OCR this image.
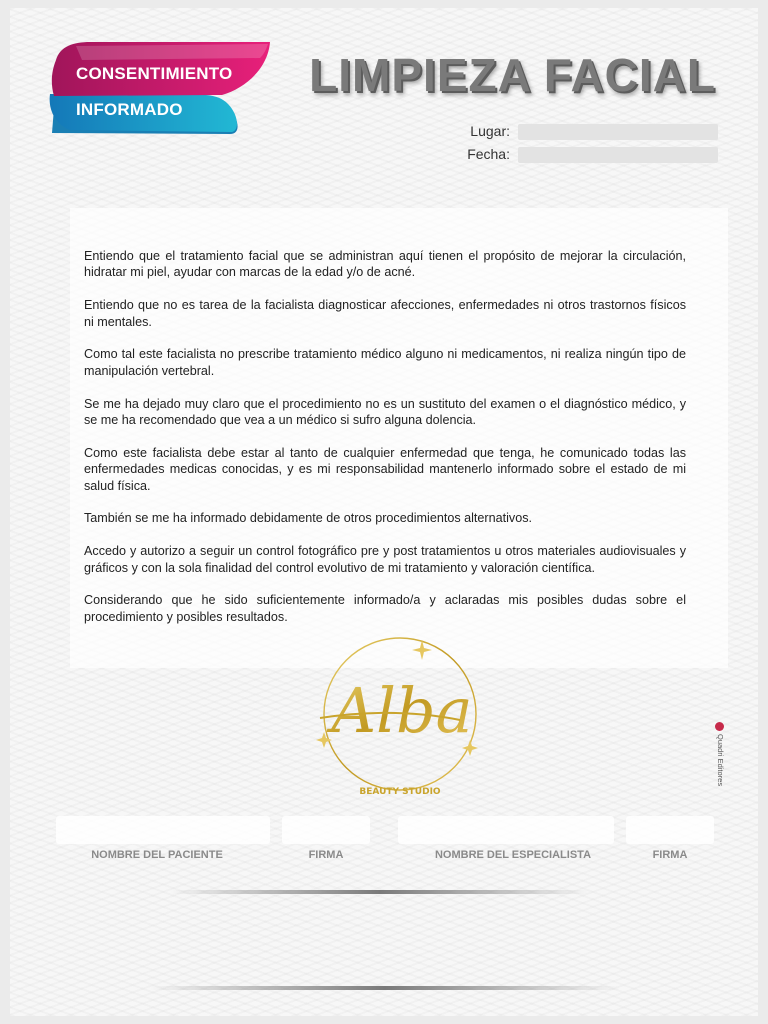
CONSENTIMIENTO
INFORMADO
LIMPIEZA FACIAL
Lugar:
Fecha:

Entiendo que el tratamiento facial que se administran aquí tienen el propósito de mejorar la circulación, hidratar mi piel, ayudar con marcas de la edad y/o de acné.

Entiendo que no es tarea de la facialista diagnosticar afecciones, enfermedades ni otros trastornos físicos ni mentales.

Como tal este facialista no prescribe tratamiento médico alguno ni medicamentos, ni realiza ningún tipo de manipulación vertebral.

Se me ha dejado muy claro que el procedimiento no es un sustituto del examen o el diagnóstico médico, y se me ha recomendado que vea a un médico si sufro alguna dolencia.

Como este facialista debe estar al tanto de cualquier enfermedad que tenga, he comunicado todas las enfermedades medicas conocidas, y es mi responsabilidad mantenerlo informado sobre el estado de mi salud física.

También se me ha informado debidamente de otros procedimientos alternativos.

Accedo y autorizo a seguir un control fotográfico pre y post tratamientos u otros materiales audiovisuales y gráficos y con la sola finalidad del control evolutivo de mi tratamiento y valoración científica.

Considerando que he sido suficientemente informado/a y aclaradas mis posibles dudas sobre el procedimiento y posibles resultados.

Alba
BEAUTY STUDIO
Quadri Editores
NOMBRE DEL PACIENTE	FIRMA	NOMBRE DEL ESPECIALISTA	FIRMA
